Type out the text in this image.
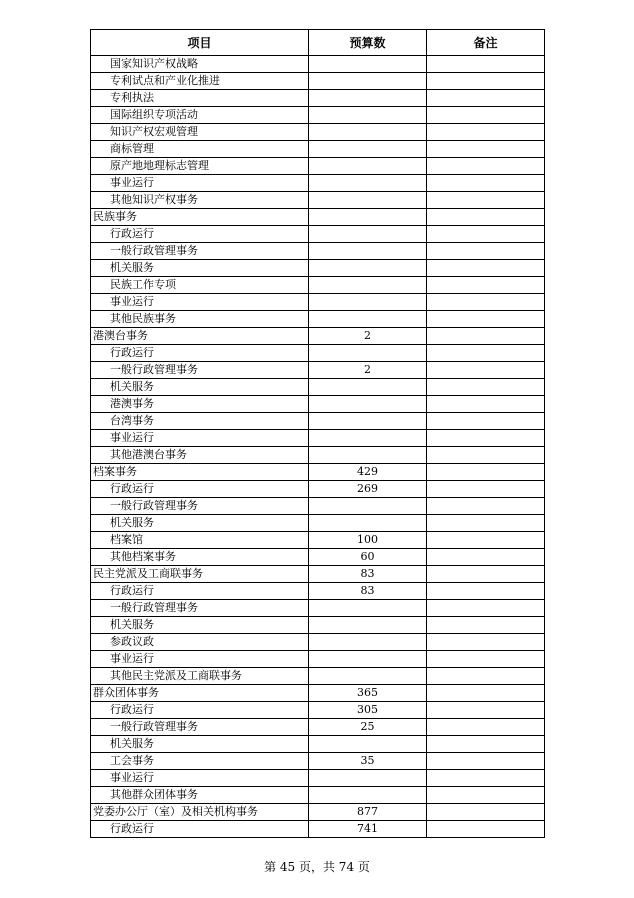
项目	预算数	备注
国家知识产权战略		
专利试点和产业化推进		
专利执法		
国际组织专项活动		
知识产权宏观管理		
商标管理		
原产地地理标志管理		
事业运行		
其他知识产权事务		
民族事务		
行政运行		
一般行政管理事务		
机关服务		
民族工作专项		
事业运行		
其他民族事务		
港澳台事务	2	
行政运行		
一般行政管理事务	2	
机关服务		
港澳事务		
台湾事务		
事业运行		
其他港澳台事务		
档案事务	429	
行政运行	269	
一般行政管理事务		
机关服务		
档案馆	100	
其他档案事务	60	
民主党派及工商联事务	83	
行政运行	83	
一般行政管理事务		
机关服务		
参政议政		
事业运行		
其他民主党派及工商联事务		
群众团体事务	365	
行政运行	305	
一般行政管理事务	25	
机关服务		
工会事务	35	
事业运行		
其他群众团体事务		
党委办公厅（室）及相关机构事务	877	
行政运行	741	
第 45 页，共 74 页
